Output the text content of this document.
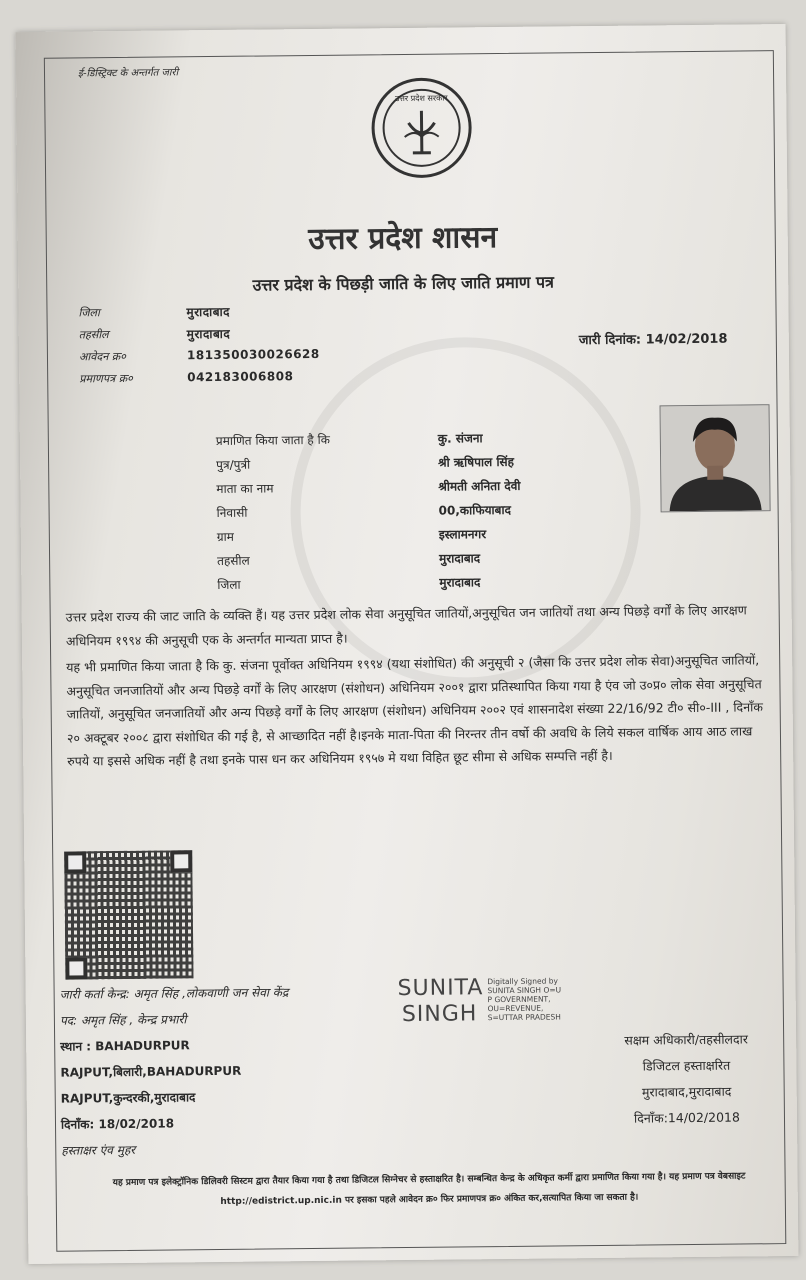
ई-डिस्ट्रिक्ट के अन्तर्गत जारी
उत्तर प्रदेश सरकार
उत्तर प्रदेश शासन
उत्तर प्रदेश के पिछड़ी जाति के लिए जाति प्रमाण पत्र
जिला	मुरादाबाद
तहसील	मुरादाबाद
आवेदन क्र०	181350030026628
प्रमाणपत्र क्र०	042183006808
जारी दिनांक: 14/02/2018
प्रमाणित किया जाता है कि	कु. संजना
पुत्र/पुत्री	श्री ऋषिपाल सिंह
माता का नाम	श्रीमती अनिता देवी
निवासी	00,काफियाबाद
ग्राम	इस्लामनगर
तहसील	मुरादाबाद
जिला	मुरादाबाद
उत्तर प्रदेश राज्य की जाट जाति के व्यक्ति हैं। यह उत्तर प्रदेश लोक सेवा अनुसूचित जातियों,अनुसूचित जन जातियों तथा अन्य पिछड़े वर्गों के लिए आरक्षण अधिनियम १९९४ की अनुसूची एक के अन्तर्गत मान्यता प्राप्त है।
यह भी प्रमाणित किया जाता है कि कु. संजना पूर्वोक्त अधिनियम १९९४ (यथा संशोधित) की अनुसूची २ (जैसा कि उत्तर प्रदेश लोक सेवा)अनुसूचित जातियों, अनुसूचित जनजातियों और अन्य पिछड़े वर्गों के लिए आरक्षण (संशोधन) अधिनियम २००१ द्वारा प्रतिस्थापित किया गया है एंव जो उ०प्र० लोक सेवा अनुसूचित जातियों, अनुसूचित जनजातियों और अन्य पिछड़े वर्गों के लिए आरक्षण (संशोधन) अधिनियम २००२ एवं शासनादेश संख्या 22/16/92 टी० सी०-III , दिनाँक २० अक्टूबर २००८ द्वारा संशोधित की गई है, से आच्छादित नहीं है।इनके माता-पिता की निरन्तर तीन वर्षो की अवधि के लिये सकल वार्षिक आय आठ लाख रुपये या इससे अधिक नहीं है तथा इनके पास धन कर अधिनियम १९५७ मे यथा विहित छूट सीमा से अधिक सम्पत्ति नहीं है।
जारी कर्ता केन्द्र: अमृत सिंह ,लोकवाणी जन सेवा केंद्र
पद: अमृत सिंह , केन्द्र प्रभारी
स्थान : BAHADURPUR
RAJPUT,बिलारी,BAHADURPUR
RAJPUT,कुन्दरकी,मुरादाबाद
दिनाँक: 18/02/2018
हस्ताक्षर एंव मुहर
SUNITA
SINGH
Digitally Signed by SUNITA SINGH O=U P GOVERNMENT, OU=REVENUE, S=UTTAR PRADESH
सक्षम अधिकारी/तहसीलदार
डिजिटल हस्ताक्षरित
मुरादाबाद,मुरादाबाद
दिनाँक:14/02/2018
यह प्रमाण पत्र इलेक्ट्रॉनिक डिलिवरी सिस्टम द्वारा तैयार किया गया है तथा डिजिटल सिग्नेचर से हस्ताक्षरित है। सम्बन्धित केन्द्र के अधिकृत कर्मी द्वारा प्रमाणित किया गया है। यह प्रमाण पत्र वेबसाइट http://edistrict.up.nic.in पर इसका पहले आवेदन क्र० फिर प्रमाणपत्र क्र० अंकित कर,सत्यापित किया जा सकता है।
